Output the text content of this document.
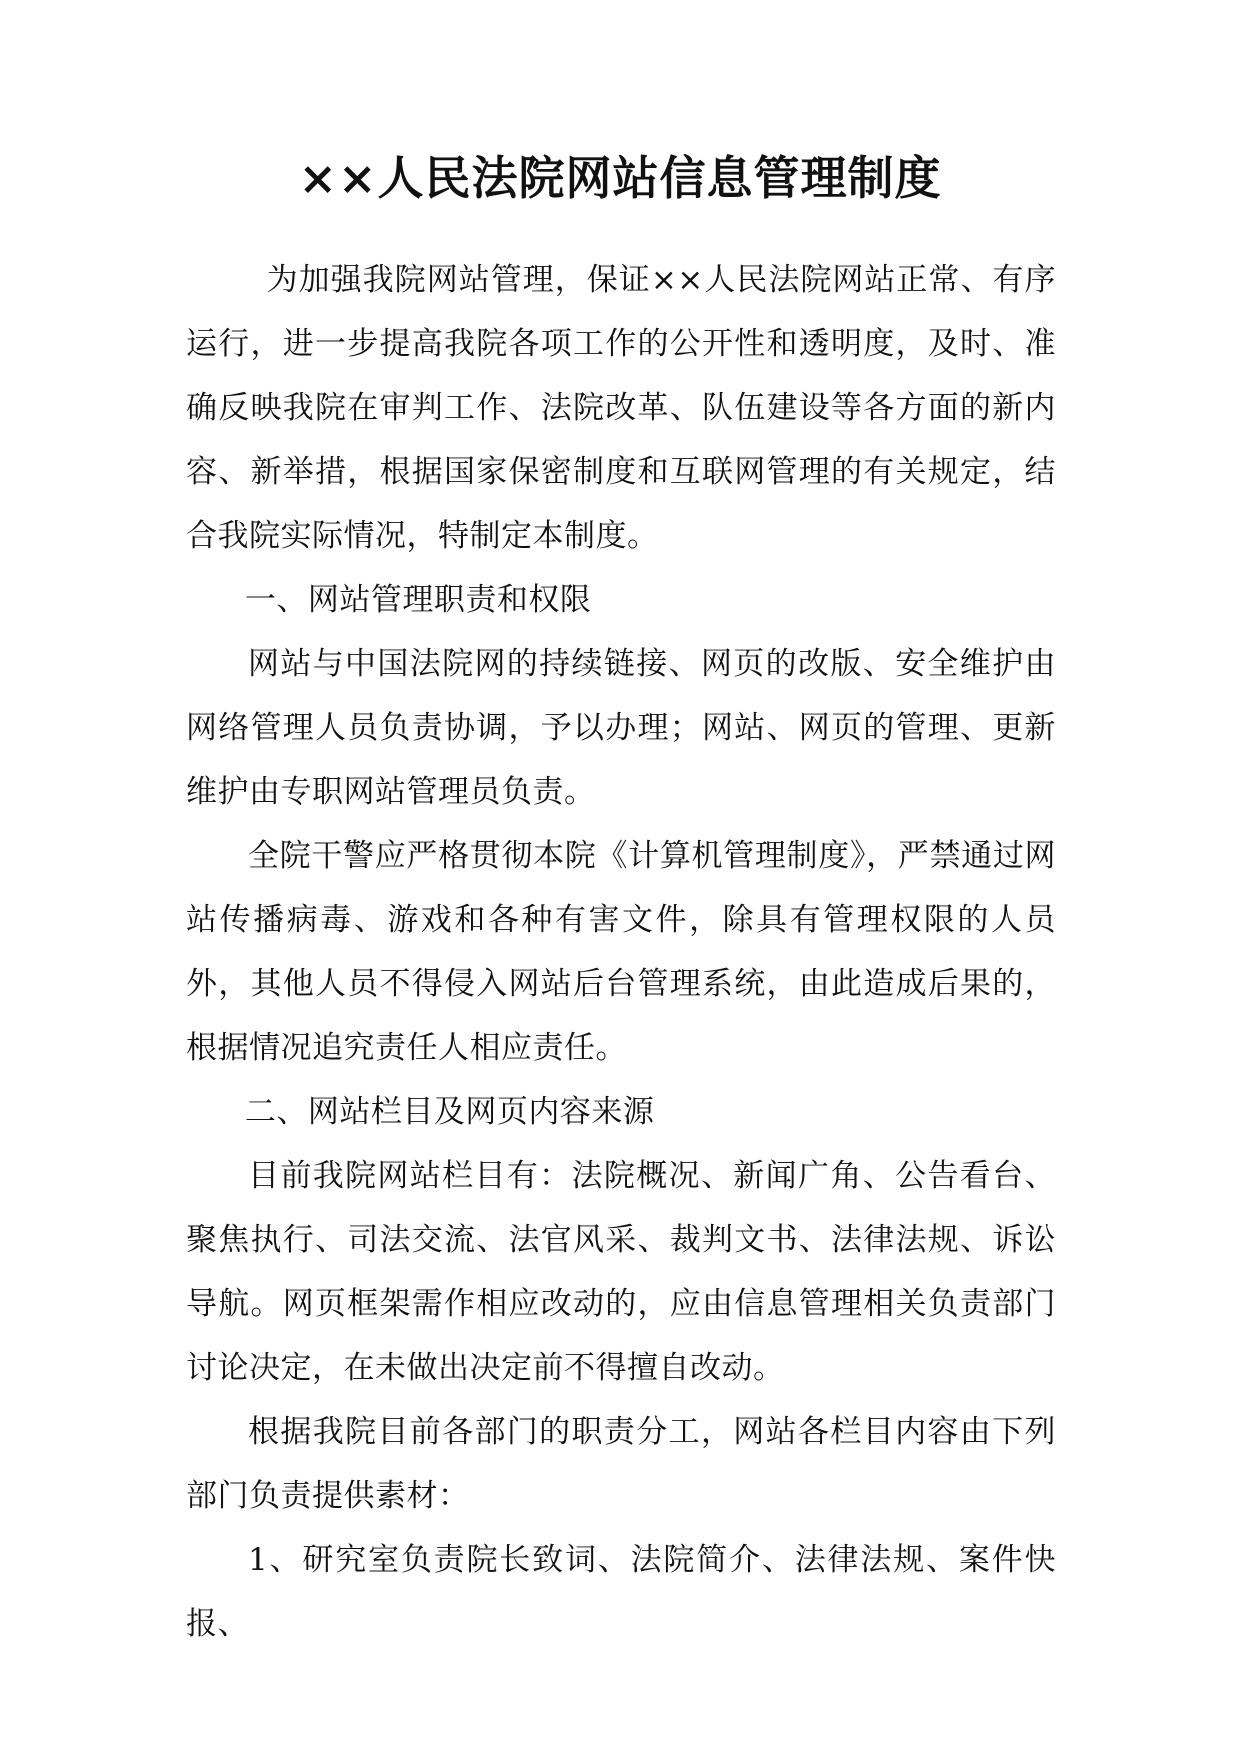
××人民法院网站信息管理制度

为加强我院网站管理，保证××人民法院网站正常、有序运行，进一步提高我院各项工作的公开性和透明度，及时、准确反映我院在审判工作、法院改革、队伍建设等各方面的新内容、新举措，根据国家保密制度和互联网管理的有关规定，结合我院实际情况，特制定本制度。

一、网站管理职责和权限

网站与中国法院网的持续链接、网页的改版、安全维护由网络管理人员负责协调，予以办理；网站、网页的管理、更新维护由专职网站管理员负责。

全院干警应严格贯彻本院《计算机管理制度》，严禁通过网站传播病毒、游戏和各种有害文件，除具有管理权限的人员外，其他人员不得侵入网站后台管理系统，由此造成后果的，根据情况追究责任人相应责任。

二、网站栏目及网页内容来源

目前我院网站栏目有：法院概况、新闻广角、公告看台、聚焦执行、司法交流、法官风采、裁判文书、法律法规、诉讼导航。网页框架需作相应改动的，应由信息管理相关负责部门讨论决定，在未做出决定前不得擅自改动。

根据我院目前各部门的职责分工，网站各栏目内容由下列部门负责提供素材：

1、研究室负责院长致词、法院简介、法律法规、案件快报、
